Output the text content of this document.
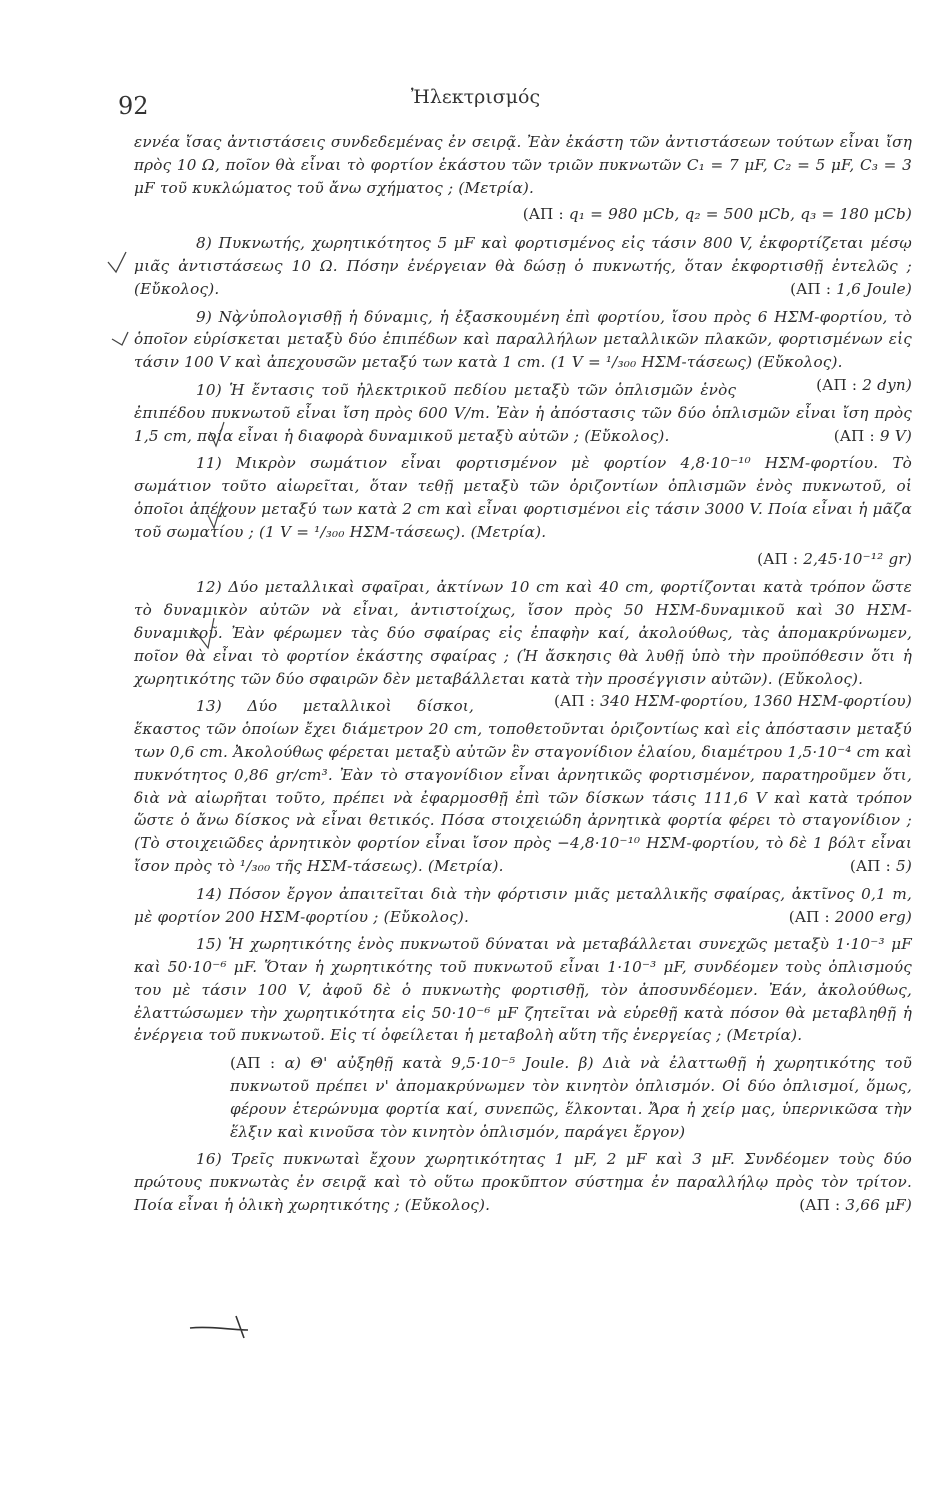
92	Ἠλεκτρισμός

εννέα ἴσας ἀντιστάσεις συνδεδεμένας ἐν σειρᾷ. Ἐὰν ἑκάστη τῶν ἀντιστάσεων τούτων εἶναι ἴση πρὸς 10 Ω, ποῖον θὰ εἶναι τὸ φορτίον ἑκάστου τῶν τριῶν πυκνωτῶν C₁ = 7 μF, C₂ = 5 μF, C₃ = 3 μF τοῦ κυκλώματος τοῦ ἄνω σχήματος ; (Μετρία).

(ΑΠ : q₁ = 980 μCb, q₂ = 500 μCb, q₃ = 180 μCb)

8) Πυκνωτής, χωρητικότητος 5 μF καὶ φορτισμένος εἰς τάσιν 800 V, ἐκφορτίζεται μέσῳ μιᾶς ἀντιστάσεως 10 Ω. Πόσην ἐνέργειαν θὰ δώσῃ ὁ πυκνωτής, ὅταν ἐκφορτισθῇ ἐντελῶς ; (Εὔκολος).	(ΑΠ : 1,6 Joule)

9) Νὰ ὑπολογισθῇ ἡ δύναμις, ἡ ἐξασκουμένη ἐπὶ φορτίου, ἴσου πρὸς 6 ΗΣΜ-φορτίου, τὸ ὁποῖον εὑρίσκεται μεταξὺ δύο ἐπιπέδων καὶ παραλλήλων μεταλλικῶν πλακῶν, φορτισμένων εἰς τάσιν 100 V καὶ ἀπεχουσῶν μεταξύ των κατὰ 1 cm. (1 V = ¹/₃₀₀ ΗΣΜ-τάσεως) (Εὔκολος).
(ΑΠ : 2 dyn)

10) Ἡ ἔντασις τοῦ ἠλεκτρικοῦ πεδίου μεταξὺ τῶν ὁπλισμῶν ἑνὸς ἐπιπέδου πυκνωτοῦ εἶναι ἴση πρὸς 600 V/m. Ἐὰν ἡ ἀπόστασις τῶν δύο ὁπλισμῶν εἶναι ἴση πρὸς 1,5 cm, ποία εἶναι ἡ διαφορὰ δυναμικοῦ μεταξὺ αὐτῶν ; (Εὔκολος).	(ΑΠ : 9 V)

11) Μικρὸν σωμάτιον εἶναι φορτισμένον μὲ φορτίον 4,8·10⁻¹⁰ ΗΣΜ-φορτίου. Τὸ σωμάτιον τοῦτο αἰωρεῖται, ὅταν τεθῇ μεταξὺ τῶν ὁριζοντίων ὁπλισμῶν ἑνὸς πυκνωτοῦ, οἱ ὁποῖοι ἀπέχουν μεταξύ των κατὰ 2 cm καὶ εἶναι φορτισμένοι εἰς τάσιν 3000 V. Ποία εἶναι ἡ μᾶζα τοῦ σωματίου ; (1 V = ¹/₃₀₀ ΗΣΜ-τάσεως). (Μετρία).

(ΑΠ : 2,45·10⁻¹² gr)

12) Δύο μεταλλικαὶ σφαῖραι, ἀκτίνων 10 cm καὶ 40 cm, φορτίζονται κατὰ τρόπον ὥστε τὸ δυναμικὸν αὐτῶν νὰ εἶναι, ἀντιστοίχως, ἴσον πρὸς 50 ΗΣΜ-δυναμικοῦ καὶ 30 ΗΣΜ-δυναμικοῦ. Ἐὰν φέρωμεν τὰς δύο σφαίρας εἰς ἐπαφὴν καί, ἀκολούθως, τὰς ἀπομακρύνωμεν, ποῖον θὰ εἶναι τὸ φορτίον ἑκάστης σφαίρας ; (Ἡ ἄσκησις θὰ λυθῇ ὑπὸ τὴν προϋπόθεσιν ὅτι ἡ χωρητικότης τῶν δύο σφαιρῶν δὲν μεταβάλλεται κατὰ τὴν προσέγγισιν αὐτῶν). (Εὔκολος).
(ΑΠ : 340 ΗΣΜ-φορτίου, 1360 ΗΣΜ-φορτίου)

13) Δύο μεταλλικοὶ δίσκοι, ἕκαστος τῶν ὁποίων ἔχει διάμετρον 20 cm, τοποθετοῦνται ὁριζοντίως καὶ εἰς ἀπόστασιν μεταξύ των 0,6 cm. Ἀκολούθως φέρεται μεταξὺ αὐτῶν ἓν σταγονίδιον ἐλαίου, διαμέτρου 1,5·10⁻⁴ cm καὶ πυκνότητος 0,86 gr/cm³. Ἐὰν τὸ σταγονίδιον εἶναι ἀρνητικῶς φορτισμένον, παρατηροῦμεν ὅτι, διὰ νὰ αἰωρῆται τοῦτο, πρέπει νὰ ἐφαρμοσθῇ ἐπὶ τῶν δίσκων τάσις 111,6 V καὶ κατὰ τρόπον ὥστε ὁ ἄνω δίσκος νὰ εἶναι θετικός. Πόσα στοιχειώδη ἀρνητικὰ φορτία φέρει τὸ σταγονίδιον ; (Τὸ στοιχειῶδες ἀρνητικὸν φορτίον εἶναι ἴσον πρὸς −4,8·10⁻¹⁰ ΗΣΜ-φορτίου, τὸ δὲ 1 βόλτ εἶναι ἴσον πρὸς τὸ ¹/₃₀₀ τῆς ΗΣΜ-τάσεως). (Μετρία).	(ΑΠ : 5)

14) Πόσον ἔργον ἀπαιτεῖται διὰ τὴν φόρτισιν μιᾶς μεταλλικῆς σφαίρας, ἀκτῖνος 0,1 m, μὲ φορτίον 200 ΗΣΜ-φορτίου ; (Εὔκολος).	(ΑΠ : 2000 erg)

15) Ἡ χωρητικότης ἑνὸς πυκνωτοῦ δύναται νὰ μεταβάλλεται συνεχῶς μεταξὺ 1·10⁻³ μF καὶ 50·10⁻⁶ μF. Ὅταν ἡ χωρητικότης τοῦ πυκνωτοῦ εἶναι 1·10⁻³ μF, συνδέομεν τοὺς ὁπλισμούς του μὲ τάσιν 100 V, ἀφοῦ δὲ ὁ πυκνωτὴς φορτισθῇ, τὸν ἀποσυνδέομεν. Ἐάν, ἀκολούθως, ἐλαττώσωμεν τὴν χωρητικότητα εἰς 50·10⁻⁶ μF ζητεῖται νὰ εὑρεθῇ κατὰ πόσον θὰ μεταβληθῇ ἡ ἐνέργεια τοῦ πυκνωτοῦ. Εἰς τί ὀφείλεται ἡ μεταβολὴ αὕτη τῆς ἐνεργείας ; (Μετρία).

(ΑΠ : α) Θ' αὐξηθῇ κατὰ 9,5·10⁻⁵ Joule. β) Διὰ νὰ ἐλαττωθῇ ἡ χωρητικότης τοῦ πυκνωτοῦ πρέπει ν' ἀπομακρύνωμεν τὸν κινητὸν ὁπλισμόν. Οἱ δύο ὁπλισμοί, ὅμως, φέρουν ἑτερώνυμα φορτία καί, συνεπῶς, ἕλκονται. Ἄρα ἡ χείρ μας, ὑπερνικῶσα τὴν ἕλξιν καὶ κινοῦσα τὸν κινητὸν ὁπλισμόν, παράγει ἔργον)

16) Τρεῖς πυκνωταὶ ἔχουν χωρητικότητας 1 μF, 2 μF καὶ 3 μF. Συνδέομεν τοὺς δύο πρώτους πυκνωτὰς ἐν σειρᾷ καὶ τὸ οὕτω προκῦπτον σύστημα ἐν παραλλήλῳ πρὸς τὸν τρίτον. Ποία εἶναι ἡ ὁλικὴ χωρητικότης ; (Εὔκολος).	(ΑΠ : 3,66 μF)
